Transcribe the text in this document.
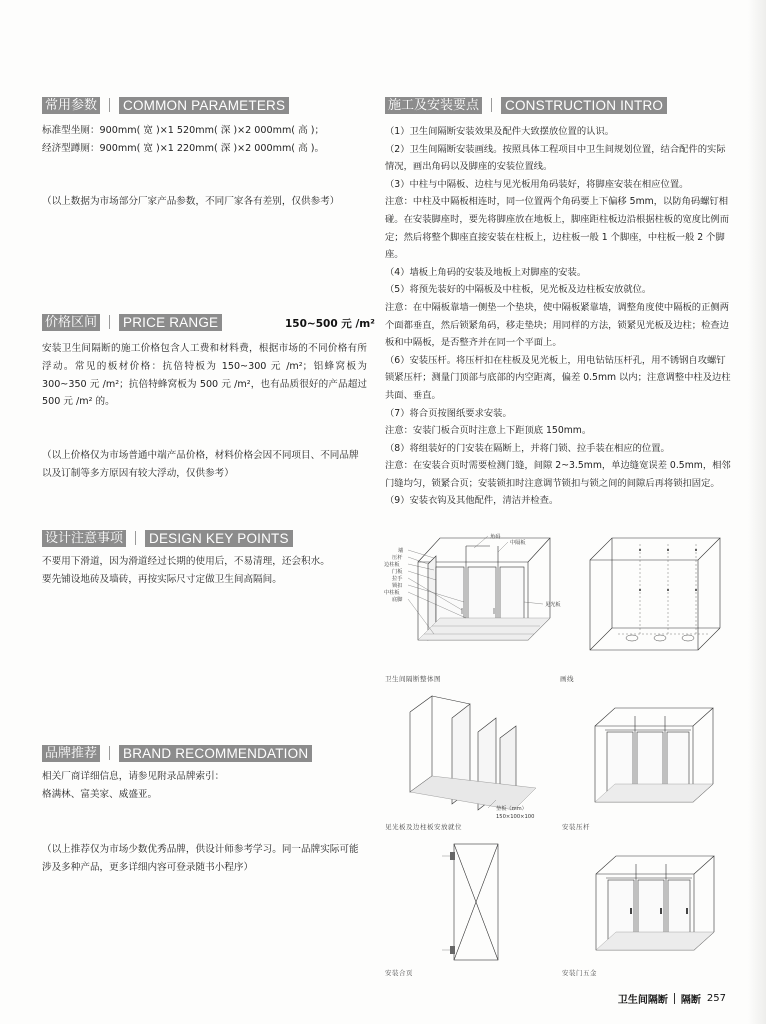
常用参数 COMMON PARAMETERS
标准型坐厕：900mm( 宽 )×1 520mm( 深 )×2 000mm( 高 )；
经济型蹲厕：900mm( 宽 )×1 220mm( 深 )×2 000mm( 高 )。
（以上数据为市场部分厂家产品参数，不同厂家各有差别，仅供参考）
价格区间 PRICE RANGE	150~500 元 /m²
安装卫生间隔断的施工价格包含人工费和材料费，根据市场的不同价格有所浮动。常见的板材价格：抗倍特板为 150~300 元 /m²；铝蜂窝板为 300~350 元 /m²；抗倍特蜂窝板为 500 元 /m²，也有品质很好的产品超过 500 元 /m² 的。
（以上价格仅为市场普通中端产品价格，材料价格会因不同项目、不同品牌以及订制等多方原因有较大浮动，仅供参考）
设计注意事项 DESIGN KEY POINTS
不要用下滑道，因为滑道经过长期的使用后，不易清理，还会积水。
要先铺设地砖及墙砖，再按实际尺寸定做卫生间高隔间。
品牌推荐 BRAND RECOMMENDATION
相关厂商详细信息，请参见附录品牌索引：
格满林、富美家、威盛亚。
（以上推荐仅为市场少数优秀品牌，供设计师参考学习。同一品牌实际可能涉及多种产品，更多详细内容可登录随书小程序）
施工及安装要点 CONSTRUCTION INTRO

（1）卫生间隔断安装效果及配件大致摆放位置的认识。

（2）卫生间隔断安装画线。按照具体工程项目中卫生间规划位置，结合配件的实际情况，画出角码以及脚座的安装位置线。

（3）中柱与中隔板、边柱与见光板用角码装好，将脚座安装在相应位置。

注意：中柱及中隔板相连时，同一位置两个角码要上下偏移 5mm，以防角码螺钉相碰。在安装脚座时，要先将脚座放在地板上，脚座距柱板边沿根据柱板的宽度比例而定；然后将整个脚座直接安装在柱板上，边柱板一般 1 个脚座，中柱板一般 2 个脚座。

（4）墙板上角码的安装及地板上对脚座的安装。

（5）将预先装好的中隔板及中柱板，见光板及边柱板安放就位。

注意：在中隔板靠墙一侧垫一个垫块，使中隔板紧靠墙，调整角度使中隔板的正侧两个面都垂直，然后锁紧角码，移走垫块；用同样的方法，锁紧见光板及边柱；检查边板和中隔板，是否整齐并在同一个平面上。

（6）安装压杆。将压杆扣在柱板及见光板上，用电钻钻压杆孔，用不锈钢自攻螺钉锁紧压杆；测量门顶部与底部的内空距离，偏差 0.5mm 以内；注意调整中柱及边柱共面、垂直。

（7）将合页按图纸要求安装。

注意：安装门板合页时注意上下距顶底 150mm。

（8）将组装好的门安装在隔断上，并将门锁、拉手装在相应的位置。

注意：在安装合页时需要检测门缝，间隙 2~3.5mm，单边缝宽误差 0.5mm，相邻门缝均匀，锁紧合页；安装锁扣时注意调节锁扣与锁之间的间隙后再将锁扣固定。

（9）安装衣钩及其他配件，清洁并检查。

角码
中隔板
墙
压杆
边柱板
门板
拉手
锁扣
中柱板
底脚
见光板
卫生间隔断整体图	画线
垫板（mm）
150×100×100
见光板及边柱板安放就位	安装压杆
安装合页	安装门五金
卫生间隔断 隔断 257
